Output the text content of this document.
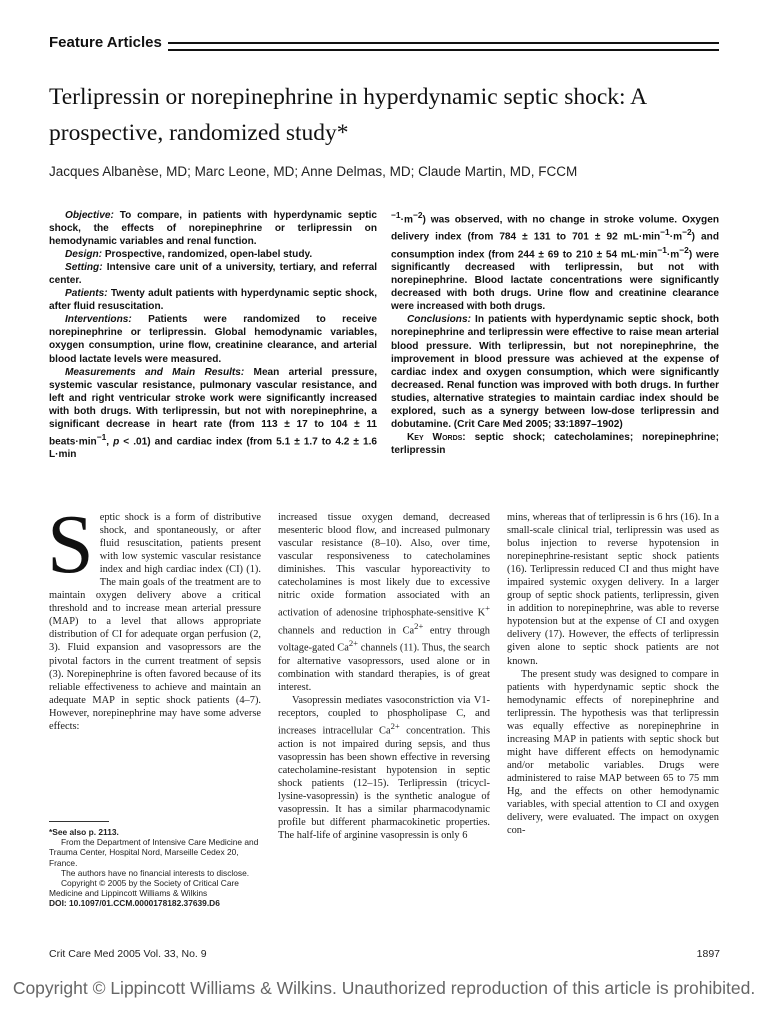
Feature Articles
Terlipressin or norepinephrine in hyperdynamic septic shock: A prospective, randomized study*
Jacques Albanèse, MD; Marc Leone, MD; Anne Delmas, MD; Claude Martin, MD, FCCM

Objective: To compare, in patients with hyperdynamic septic shock, the effects of norepinephrine or terlipressin on hemodynamic variables and renal function.

Design: Prospective, randomized, open-label study.

Setting: Intensive care unit of a university, tertiary, and referral center.

Patients: Twenty adult patients with hyperdynamic septic shock, after fluid resuscitation.

Interventions: Patients were randomized to receive norepinephrine or terlipressin. Global hemodynamic variables, oxygen consumption, urine flow, creatinine clearance, and arterial blood lactate levels were measured.

Measurements and Main Results: Mean arterial pressure, systemic vascular resistance, pulmonary vascular resistance, and left and right ventricular stroke work were significantly increased with both drugs. With terlipressin, but not with norepinephrine, a significant decrease in heart rate (from 113 ± 17 to 104 ± 11 $beats\cdot\min^{-1}$, p < .01) and cardiac index (from 5.1 ± 1.7 to 4.2 ± 1.6 L·min

$^{-1}\cdot m^{-2}$) was observed, with no change in stroke volume. Oxygen delivery index (from 784 ± 131 to 701 ± 92 $mL\cdot\min^{-1}\cdot m^{-2}$) and consumption index (from 244 ± 69 to 210 ± 54 $mL\cdot\min^{-1}\cdot m^{-2}$) were significantly decreased with terlipressin, but not with norepinephrine. Blood lactate concentrations were significantly decreased with both drugs. Urine flow and creatinine clearance were increased with both drugs.

Conclusions: In patients with hyperdynamic septic shock, both norepinephrine and terlipressin were effective to raise mean arterial blood pressure. With terlipressin, but not norepinephrine, the improvement in blood pressure was achieved at the expense of cardiac index and oxygen consumption, which were significantly decreased. Renal function was improved with both drugs. In further studies, alternative strategies to maintain cardiac index should be explored, such as a synergy between low-dose terlipressin and dobutamine. (Crit Care Med 2005; 33:1897–1902)

Key Words: septic shock; catecholamines; norepinephrine; terlipressin

Septic shock is a form of distributive shock, and spontaneously, or after fluid resuscitation, patients present with low systemic vascular resistance index and high cardiac index (CI) (1). The main goals of the treatment are to maintain oxygen delivery above a critical threshold and to increase mean arterial pressure (MAP) to a level that allows appropriate distribution of CI for adequate organ perfusion (2, 3). Fluid expansion and vasopressors are the pivotal factors in the current treatment of sepsis (3). Norepinephrine is often favored because of its reliable effectiveness to achieve and maintain an adequate MAP in septic shock patients (4–7). However, norepinephrine may have some adverse effects:

increased tissue oxygen demand, decreased mesenteric blood flow, and increased pulmonary vascular resistance (8–10). Also, over time, vascular responsiveness to catecholamines diminishes. This vascular hyporeactivity to catecholamines is most likely due to excessive nitric oxide formation associated with an activation of adenosine triphosphate-sensitive K+ channels and reduction in $Ca^{2+}$ entry through voltage-gated $Ca^{2+}$ channels (11). Thus, the search for alternative vasopressors, used alone or in combination with standard therapies, is of great interest.

Vasopressin mediates vasoconstriction via V1-receptors, coupled to phospholipase C, and increases intracellular $Ca^{2+}$ concentration. This action is not impaired during sepsis, and thus vasopressin has been shown effective in reversing catecholamine-resistant hypotension in septic shock patients (12–15). Terlipressin (tricycl-lysine-vasopressin) is the synthetic analogue of vasopressin. It has a similar pharmacodynamic profile but different pharmacokinetic properties. The half-life of arginine vasopressin is only 6

mins, whereas that of terlipressin is 6 hrs (16). In a small-scale clinical trial, terlipressin was used as bolus injection to reverse hypotension in norepinephrine-resistant septic shock patients (16). Terlipressin reduced CI and thus might have impaired systemic oxygen delivery. In a larger group of septic shock patients, terlipressin, given in addition to norepinephrine, was able to reverse hypotension but at the expense of CI and oxygen delivery (17). However, the effects of terlipressin given alone to septic shock patients are not known.

The present study was designed to compare in patients with hyperdynamic septic shock the hemodynamic effects of norepinephrine and terlipressin. The hypothesis was that terlipressin was equally effective as norepinephrine in increasing MAP in patients with septic shock but might have different effects on hemodynamic and/or metabolic variables. Drugs were administered to raise MAP between 65 to 75 mm Hg, and the effects on other hemodynamic variables, with special attention to CI and oxygen delivery, were evaluated. The impact on oxygen con-

*See also p. 2113.

From the Department of Intensive Care Medicine and Trauma Center, Hospital Nord, Marseille Cedex 20, France.

The authors have no financial interests to disclose.

Copyright © 2005 by the Society of Critical Care Medicine and Lippincott Williams & Wilkins

DOI: 10.1097/01.CCM.0000178182.37639.D6

Crit Care Med 2005 Vol. 33, No. 9	1897
Copyright © Lippincott Williams & Wilkins. Unauthorized reproduction of this article is prohibited.
